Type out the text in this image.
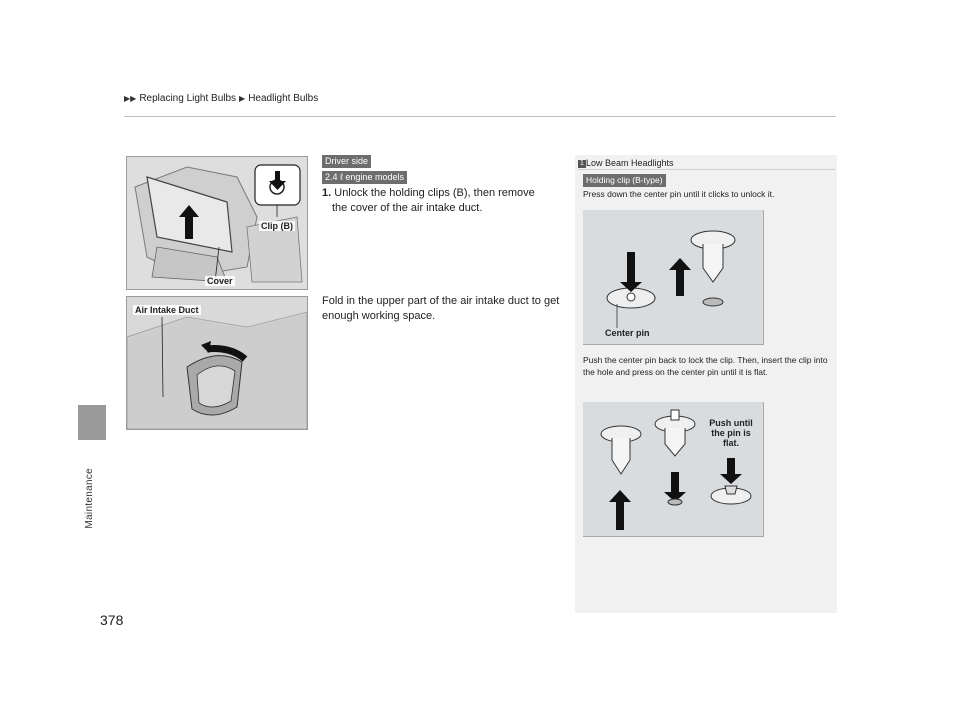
▶▶ Replacing Light Bulbs ▶ Headlight Bulbs
Maintenance
378
Clip (B)
Cover
Air Intake Duct
Driver side
2.4 ℓ engine models
1. Unlock the holding clips (B), then remove the cover of the air intake duct.
Fold in the upper part of the air intake duct to get enough working space.
1 Low Beam Headlights
Holding clip (B-type)
Press down the center pin until it clicks to unlock it.
Center pin
Push the center pin back to lock the clip. Then, insert the clip into the hole and press on the center pin until it is flat.
Push until the pin is flat.
